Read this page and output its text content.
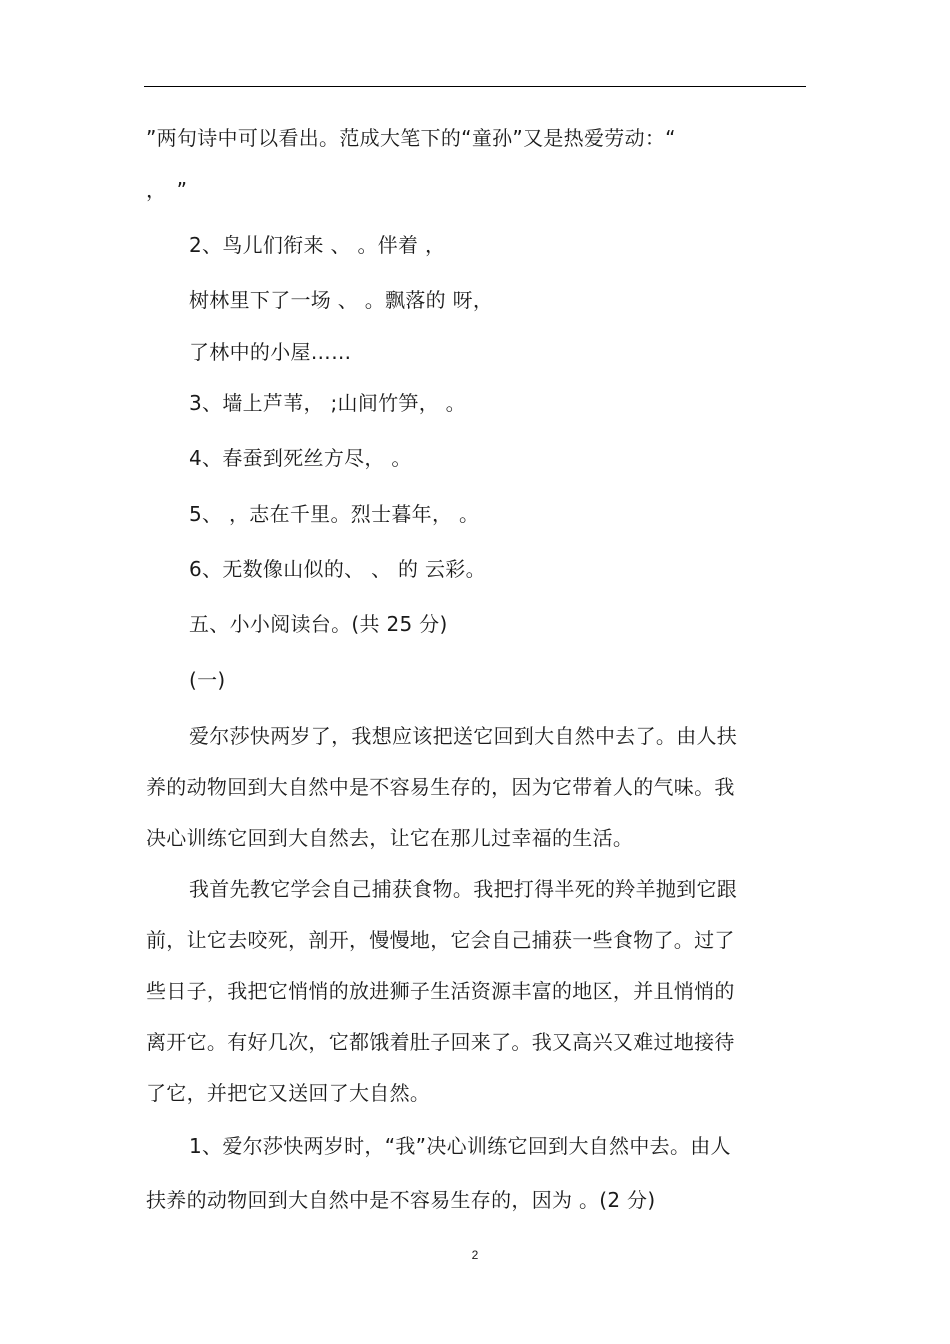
”两句诗中可以看出。范成大笔下的“童孙”又是热爱劳动：“
，　”
2、鸟儿们衔来 、 。伴着 ，
树林里下了一场 、 。飘落的 呀，
了林中的小屋……
3、墙上芦苇， ;山间竹笋， 。
4、春蚕到死丝方尽， 。
5、 ，志在千里。烈士暮年， 。
6、无数像山似的、 、 的 云彩。
五、小小阅读台。(共 25 分)
(一)
爱尔莎快两岁了，我想应该把送它回到大自然中去了。由人扶
养的动物回到大自然中是不容易生存的，因为它带着人的气味。我
决心训练它回到大自然去，让它在那儿过幸福的生活。
我首先教它学会自己捕获食物。我把打得半死的羚羊抛到它跟
前，让它去咬死，剖开，慢慢地，它会自己捕获一些食物了。过了
些日子，我把它悄悄的放进狮子生活资源丰富的地区，并且悄悄的
离开它。有好几次，它都饿着肚子回来了。我又高兴又难过地接待
了它，并把它又送回了大自然。
1、爱尔莎快两岁时，“我”决心训练它回到大自然中去。由人
扶养的动物回到大自然中是不容易生存的，因为 。(2 分)
2
